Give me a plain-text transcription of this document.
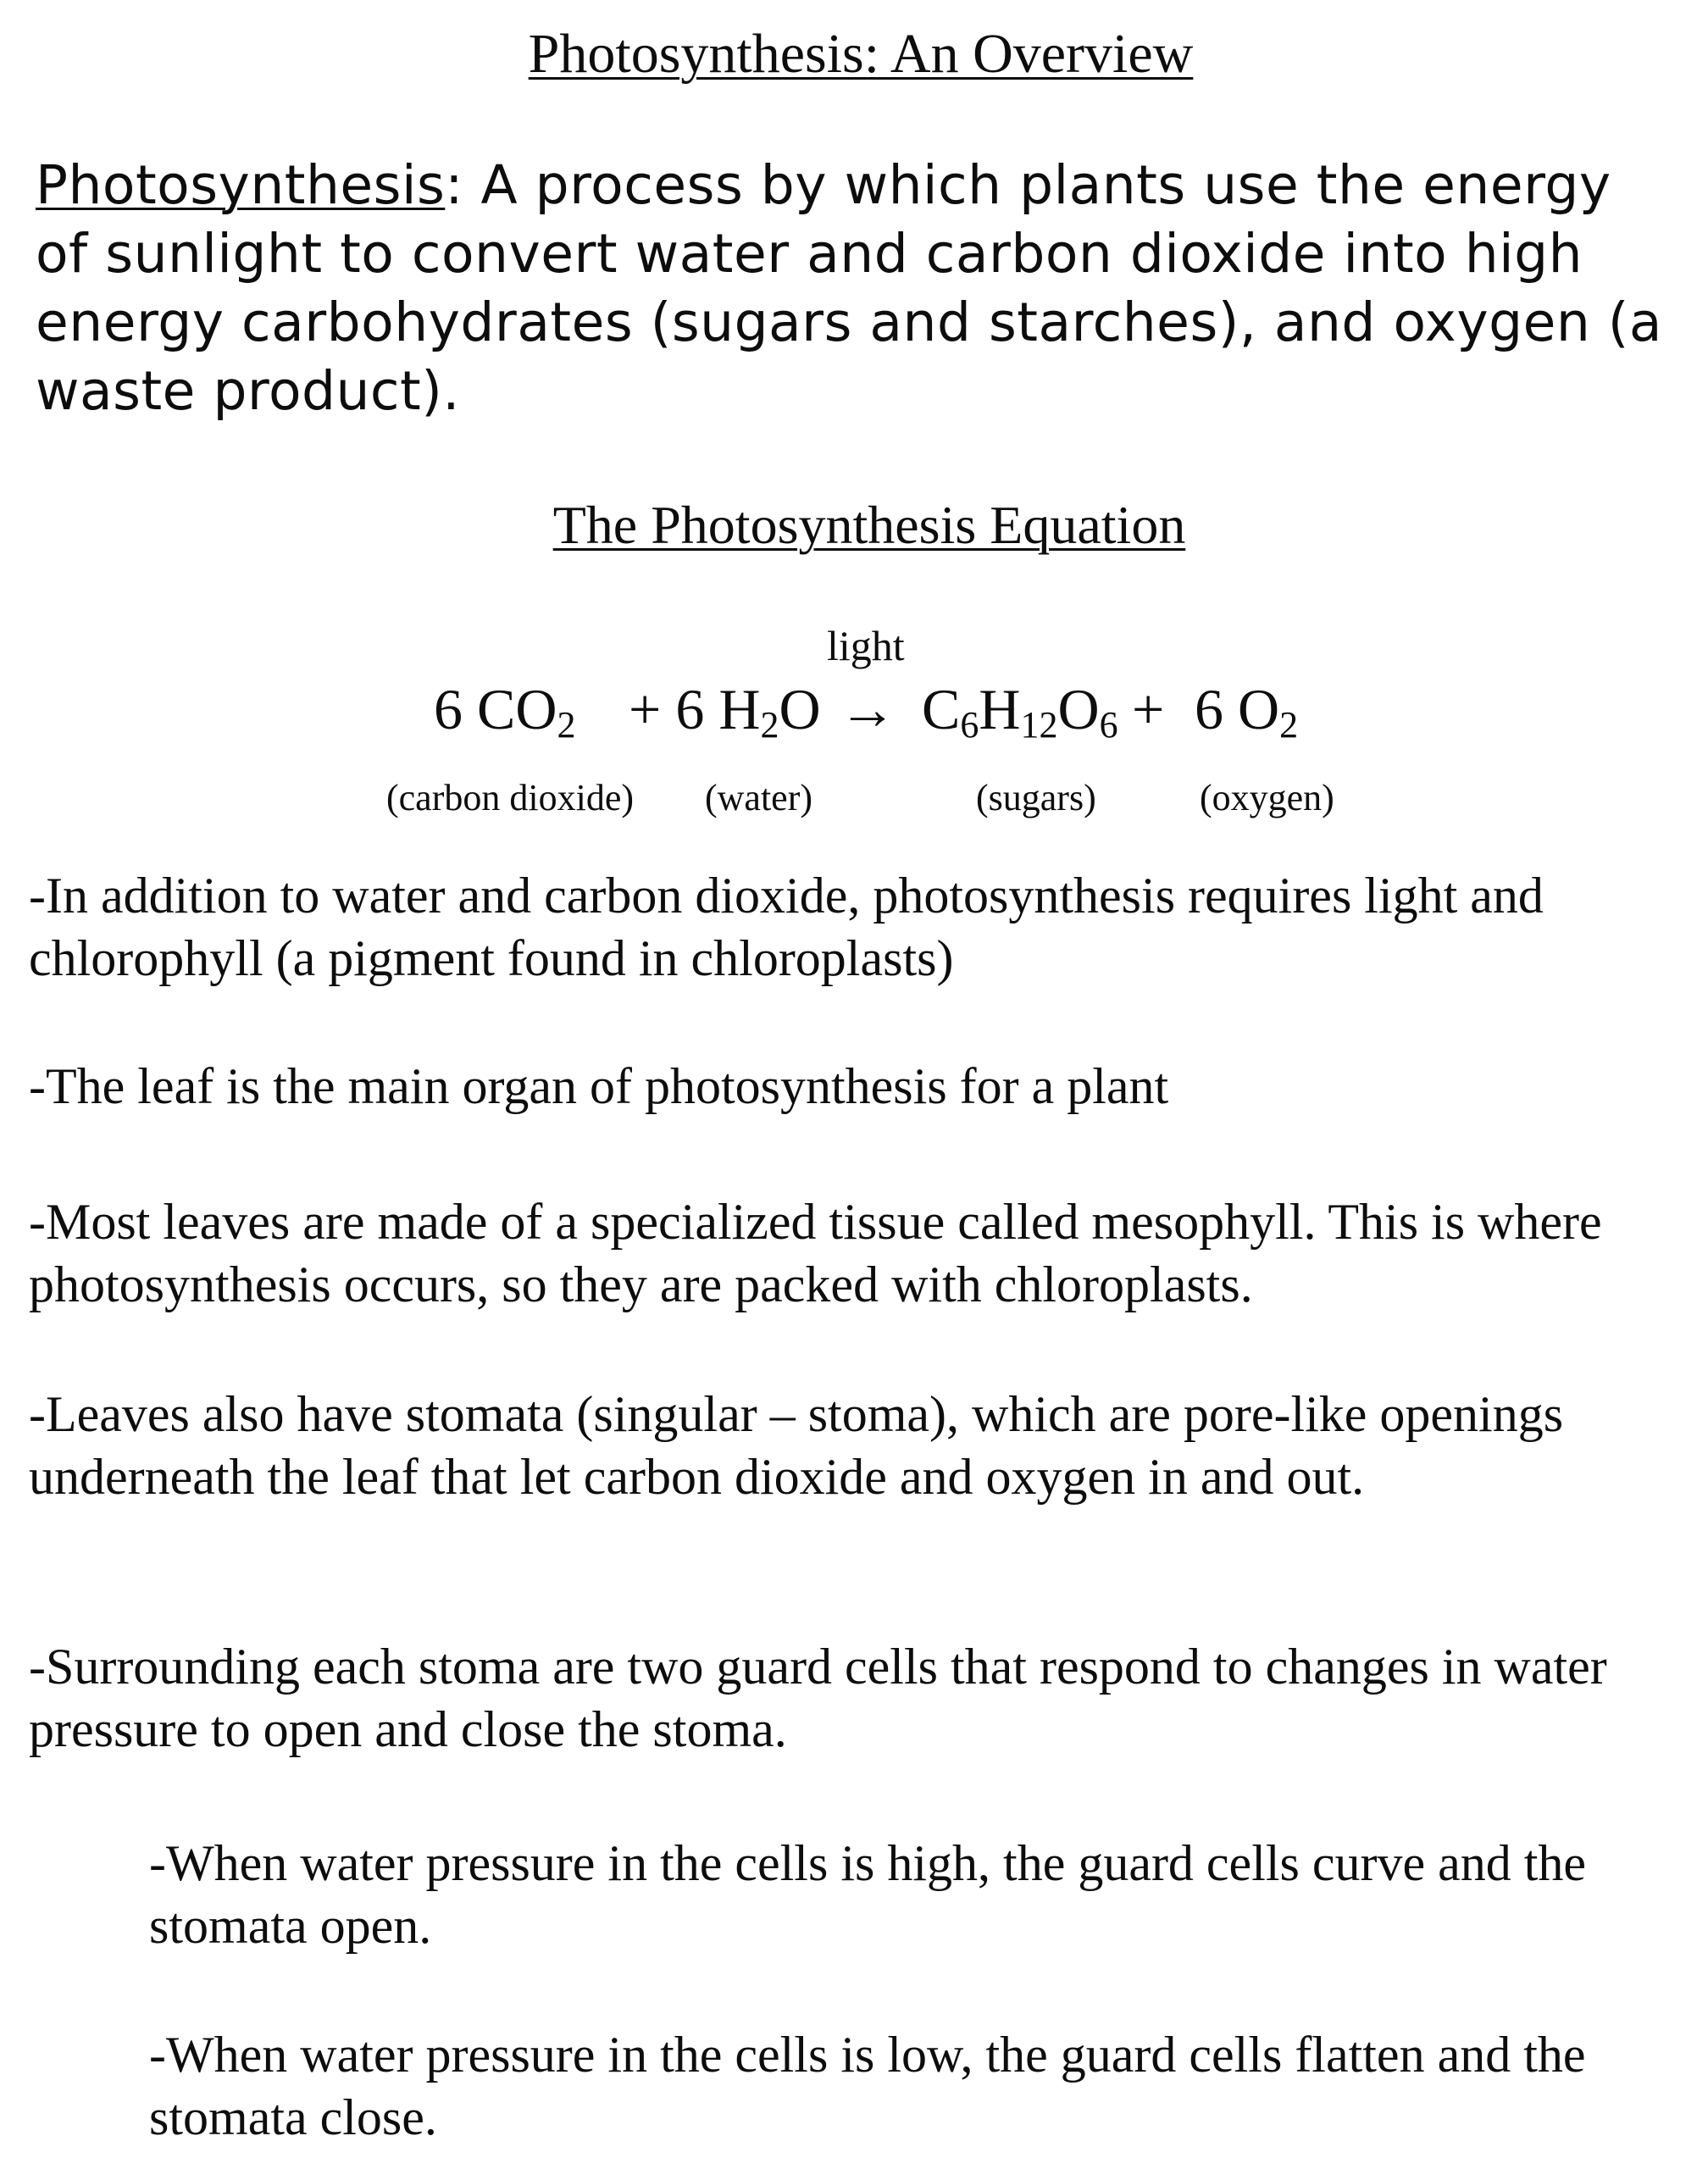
Photosynthesis: An Overview
Photosynthesis: A process by which plants use the energy of sunlight to convert water and carbon dioxide into high energy carbohydrates (sugars and starches), and oxygen (a waste product).
The Photosynthesis Equation
light
6 $CO_2 + 6$ $H_2O \to C_6H_{12}O_6 + 6$ $O_2$
(carbon dioxide) (water)	(sugars)	(oxygen)
-In addition to water and carbon dioxide, photosynthesis requires light and chlorophyll (a pigment found in chloroplasts)
-The leaf is the main organ of photosynthesis for a plant
-Most leaves are made of a specialized tissue called mesophyll. This is where photosynthesis occurs, so they are packed with chloroplasts.
-Leaves also have stomata (singular – stoma), which are pore-like openings underneath the leaf that let carbon dioxide and oxygen in and out.
-Surrounding each stoma are two guard cells that respond to changes in water pressure to open and close the stoma.
-When water pressure in the cells is high, the guard cells curve and the stomata open.
-When water pressure in the cells is low, the guard cells flatten and the stomata close.
